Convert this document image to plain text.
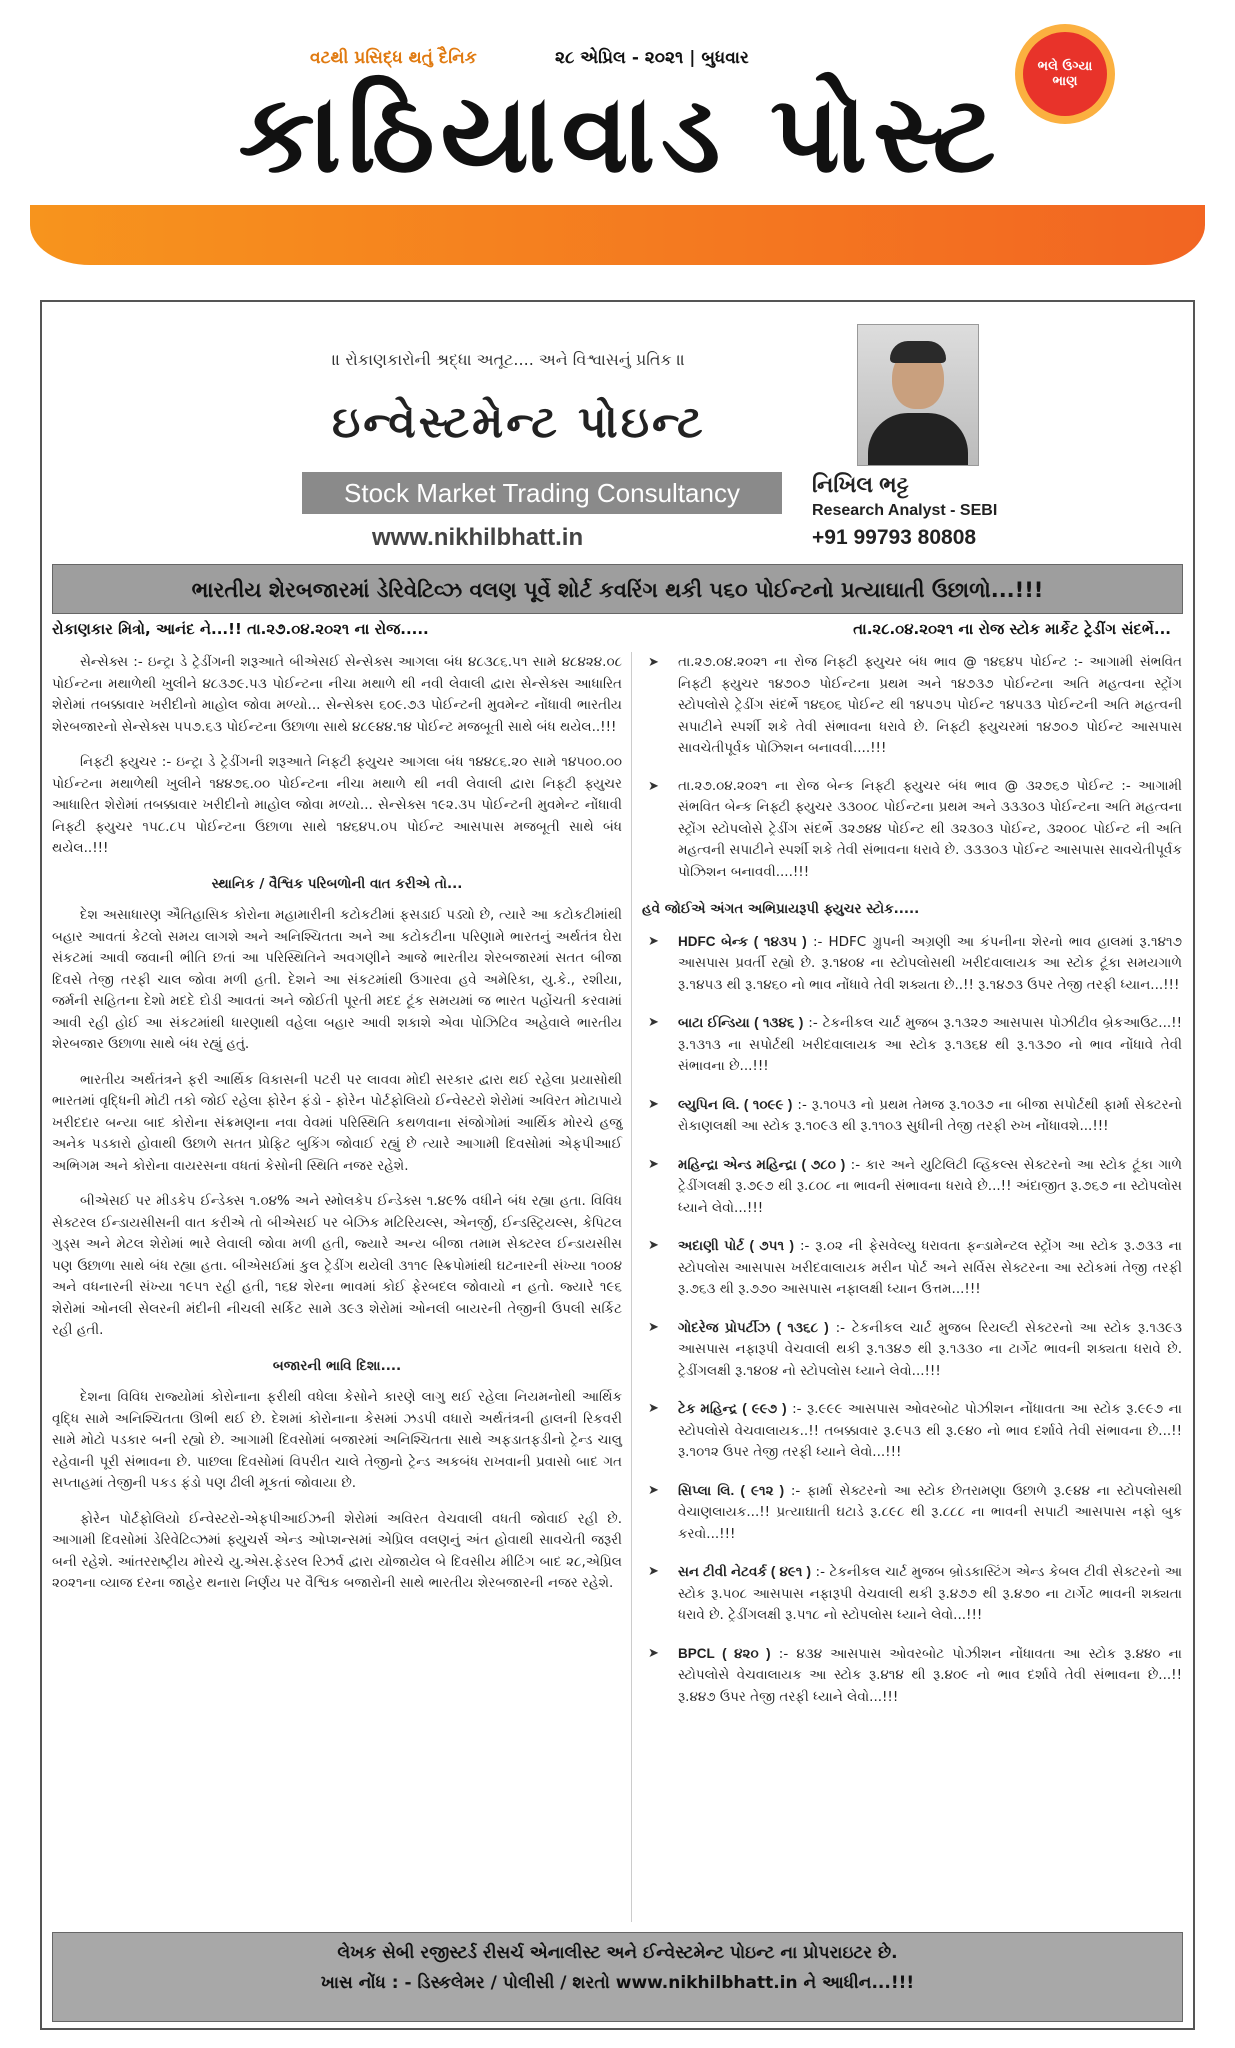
વટથી પ્રસિદ્ધ થતું દૈનિક	૨૮ એપ્રિલ - ૨૦૨૧ | બુધવાર	ભલે ઉગ્યા
ભાણ
કાઠિયાવાડ પોસ્ટ
॥ રોકાણકારોની શ્રદ્ધા અતૂટ.... અને વિશ્વાસનું પ્રતિક ॥
ઇન્વેસ્ટમેન્ટ પોઇન્ટ
Stock Market Trading Consultancy
www.nikhilbhatt.in
નિખિલ ભટ્ટ
Research Analyst - SEBI
+91 99793 80808
ભારતીય શેરબજારમાં ડેરિવેટિવ્ઝ વલણ પૂર્વે શોર્ટ કવરિંગ થકી ૫૬૦ પોઈન્ટનો પ્રત્યાઘાતી ઉછાળો...!!!
રોકાણકાર મિત્રો, આનંદ ને...!! તા.૨૭.૦૪.૨૦૨૧ ના રોજ.....	તા.૨૮.૦૪.૨૦૨૧ ના રોજ સ્ટોક માર્કેટ ટ્રેડીંગ સંદર્ભે...

સેન્સેક્સ :- ઇન્ટ્રા ડે ટ્રેડીંગની શરૂઆતે બીએસઈ સેન્સેક્સ આગલા બંધ ૪૮૩૮૬.૫૧ સામે ૪૮૪૨૪.૦૮ પોઈન્ટના મથાળેથી ખુલીને ૪૮૩૭૯.૫૩ પોઈન્ટના નીચા મથાળે થી નવી લેવાલી દ્વારા સેન્સેક્સ આધારિત શેરોમાં તબક્કાવાર ખરીદીનો માહોલ જોવા મળ્યો... સેન્સેક્સ ૬૦૯.૭૩ પોઈન્ટની મુવમેન્ટ નોંધાવી ભારતીય શેરબજારનો સેન્સેક્સ ૫૫૭.૬૩ પોઈન્ટના ઉછાળા સાથે ૪૮૯૪૪.૧૪ પોઈન્ટ મજબૂતી સાથે બંધ થયેલ..!!!

નિફ્ટી ફ્યુચર :- ઇન્ટ્રા ડે ટ્રેડીંગની શરૂઆતે નિફ્ટી ફ્યુચર આગલા બંધ ૧૪૪૮૬.૨૦ સામે ૧૪૫૦૦.૦૦ પોઈન્ટના મથાળેથી ખુલીને ૧૪૪૭૬.૦૦ પોઈન્ટના નીચા મથાળે થી નવી લેવાલી દ્વારા નિફ્ટી ફ્યુચર આધારિત શેરોમાં તબક્કાવાર ખરીદીનો માહોલ જોવા મળ્યો... સેન્સેક્સ ૧૯૨.૩૫ પોઈન્ટની મુવમેન્ટ નોંધાવી નિફ્ટી ફ્યુચર ૧૫૮.૮૫ પોઈન્ટના ઉછાળા સાથે ૧૪૬૪૫.૦૫ પોઈન્ટ આસપાસ મજબૂતી સાથે બંધ થયેલ..!!!

સ્થાનિક / વૈશ્વિક પરિબળોની વાત કરીએ તો...

દેશ અસાધારણ ઐતિહાસિક કોરોના મહામારીની કટોકટીમાં ફસડાઈ પડ્યો છે, ત્યારે આ કટોકટીમાંથી બહાર આવતાં કેટલો સમય લાગશે અને અનિશ્ચિતતા અને આ કટોકટીના પરિણામે ભારતનું અર્થતંત્ર ઘેરા સંકટમાં આવી જવાની ભીતિ છતાં આ પરિસ્થિતિને અવગણીને આજે ભારતીય શેરબજારમાં સતત બીજા દિવસે તેજી તરફી ચાલ જોવા મળી હતી. દેશને આ સંકટમાંથી ઉગારવા હવે અમેરિકા, યુ.કે., રશીયા, જર્મની સહિતના દેશો મદદે દોડી આવતાં અને જોઈતી પૂરતી મદદ ટૂંક સમયમાં જ ભારત પહોંચતી કરવામાં આવી રહી હોઈ આ સંકટમાંથી ધારણાથી વહેલા બહાર આવી શકાશે એવા પોઝિટિવ અહેવાલે ભારતીય શેરબજાર ઉછાળા સાથે બંધ રહ્યું હતું.

ભારતીય અર્થતંત્રને ફરી આર્થિક વિકાસની પટરી પર લાવવા મોદી સરકાર દ્વારા થઈ રહેલા પ્રયાસોથી ભારતમાં વૃદ્ધિની મોટી તકો જોઈ રહેલા ફોરેન ફંડો - ફોરેન પોર્ટફોલિયો ઈન્વેસ્ટરો શેરોમાં અવિરત મોટાપાયે ખરીદદાર બન્યા બાદ કોરોના સંક્રમણના નવા વેવમાં પરિસ્થિતિ કથળવાના સંજોગોમાં આર્થિક મોરચે હજુ અનેક પડકારો હોવાથી ઉછાળે સતત પ્રોફિટ બુકિંગ જોવાઈ રહ્યું છે ત્યારે આગામી દિવસોમાં એફપીઆઈ અભિગમ અને કોરોના વાયરસના વધતાં કેસોની સ્થિતિ નજર રહેશે.

બીએસઈ પર મીડકેપ ઈન્ડેક્સ ૧.૦૪% અને સ્મોલકેપ ઈન્ડેક્સ ૧.૪૯% વધીને બંધ રહ્યા હતા. વિવિધ સેક્ટરલ ઈન્ડાયસીસની વાત કરીએ તો બીએસઈ પર બેઝિક મટિરિયલ્સ, એનર્જી, ઈન્ડસ્ટ્રિયલ્સ, કેપિટલ ગુડ્સ અને મેટલ શેરોમાં ભારે લેવાલી જોવા મળી હતી, જ્યારે અન્ય બીજા તમામ સેક્ટરલ ઈન્ડાયસીસ પણ ઉછાળા સાથે બંધ રહ્યા હતા. બીએસઈમાં કુલ ટ્રેડીંગ થયેલી ૩૧૧૯ સ્ક્રિપોમાંથી ઘટનારની સંખ્યા ૧૦૦૪ અને વધનારની સંખ્યા ૧૯૫૧ રહી હતી, ૧૬૪ શેરના ભાવમાં કોઈ ફેરબદલ જોવાયો ન હતો. જ્યારે ૧૯૬ શેરોમાં ઓનલી સેલરની મંદીની નીચલી સર્કિટ સામે ૩૯૩ શેરોમાં ઓનલી બાયરની તેજીની ઉપલી સર્કિટ રહી હતી.

બજારની ભાવિ દિશા....

દેશના વિવિધ રાજ્યોમાં કોરોનાના ફરીથી વધેલા કેસોને કારણે લાગુ થઈ રહેલા નિયમનોથી આર્થિક વૃદ્ધિ સામે અનિશ્ચિતતા ઊભી થઈ છે. દેશમાં કોરોનાના કેસમાં ઝડપી વધારો અર્થતંત્રની હાલની રિકવરી સામે મોટો પડકાર બની રહ્યો છે. આગામી દિવસોમાં બજારમાં અનિશ્ચિતતા સાથે અફડાતફડીનો ટ્રેન્ડ ચાલુ રહેવાની પૂરી સંભાવના છે. પાછલા દિવસોમાં વિપરીત ચાલે તેજીનો ટ્રેન્ડ અકબંધ રાખવાની પ્રવાસો બાદ ગત સપ્તાહમાં તેજીની પકડ ફંડો પણ ઢીલી મૂકતાં જોવાયા છે.

ફોરેન પોર્ટફોલિયો ઈન્વેસ્ટરો-એફપીઆઈઝની શેરોમાં અવિરત વેચવાલી વધતી જોવાઈ રહી છે. આગામી દિવસોમાં ડેરિવેટિવ્ઝમાં ફ્યુચર્સ એન્ડ ઓપ્શન્સમાં એપ્રિલ વલણનું અંત હોવાથી સાવચેતી જરૂરી બની રહેશે. આંતરરાષ્ટ્રીય મોરચે યુ.એસ.ફેડરલ રિઝર્વ દ્વારા યોજાયેલ બે દિવસીય મીટિંગ બાદ ૨૮,એપ્રિલ ૨૦૨૧ના વ્યાજ દરના જાહેર થનારા નિર્ણય પર વૈશ્વિક બજારોની સાથે ભારતીય શેરબજારની નજર રહેશે.

➤ તા.૨૭.૦૪.૨૦૨૧ ના રોજ નિફ્ટી ફ્યુચર બંધ ભાવ @ ૧૪૬૪૫ પોઈન્ટ :- આગામી સંભવિત નિફ્ટી ફ્યુચર ૧૪૭૦૭ પોઈન્ટના પ્રથમ અને ૧૪૭૩૭ પોઈન્ટના અતિ મહત્વના સ્ટ્રોંગ સ્ટોપલોસે ટ્રેડીંગ સંદર્ભે ૧૪૬૦૬ પોઈન્ટ થી ૧૪૫૭૫ પોઈન્ટ ૧૪૫૩૩ પોઈન્ટની અતિ મહત્વની સપાટીને સ્પર્શી શકે તેવી સંભાવના ધરાવે છે. નિફ્ટી ફ્યુચરમાં ૧૪૭૦૭ પોઈન્ટ આસપાસ સાવચેતીપૂર્વક પોઝિશન બનાવવી....!!!
➤ તા.૨૭.૦૪.૨૦૨૧ ના રોજ બેન્ક નિફ્ટી ફ્યુચર બંધ ભાવ @ ૩૨૭૬૭ પોઈન્ટ :- આગામી સંભવિત બેન્ક નિફ્ટી ફ્યુચર ૩૩૦૦૮ પોઈન્ટના પ્રથમ અને ૩૩૩૦૩ પોઈન્ટના અતિ મહત્વના સ્ટ્રોંગ સ્ટોપલોસે ટ્રેડીંગ સંદર્ભે ૩૨૭૪૪ પોઈન્ટ થી ૩૨૩૦૩ પોઈન્ટ, ૩૨૦૦૮ પોઈન્ટ ની અતિ મહત્વની સપાટીને સ્પર્શી શકે તેવી સંભાવના ધરાવે છે. ૩૩૩૦૩ પોઈન્ટ આસપાસ સાવચેતીપૂર્વક પોઝિશન બનાવવી....!!!
હવે જોઈએ અંગત અભિપ્રાયરૂપી ફ્યુચર સ્ટોક.....
➤ HDFC બેન્ક ( ૧૪૩૫ ) :- HDFC ગ્રુપની અગ્રણી આ કંપનીના શેરનો ભાવ હાલમાં રૂ.૧૪૧૭ આસપાસ પ્રવર્તી રહ્યો છે. રૂ.૧૪૦૪ ના સ્ટોપલોસથી ખરીદવાલાયક આ સ્ટોક ટૂંકા સમયગાળે રૂ.૧૪૫૩ થી રૂ.૧૪૬૦ નો ભાવ નોંધાવે તેવી શક્યતા છે..!! રૂ.૧૪૭૩ ઉપર તેજી તરફી ધ્યાન...!!!
➤ બાટા ઈન્ડિયા ( ૧૩૪૬ ) :- ટેકનીકલ ચાર્ટ મુજબ રૂ.૧૩૨૭ આસપાસ પોઝીટીવ બ્રેકઆઉટ...!! રૂ.૧૩૧૩ ના સપોર્ટથી ખરીદવાલાયક આ સ્ટોક રૂ.૧૩૬૪ થી રૂ.૧૩૭૦ નો ભાવ નોંધાવે તેવી સંભાવના છે...!!!
➤ લ્યુપિન લિ. ( ૧૦૯૯ ) :- રૂ.૧૦૫૩ નો પ્રથમ તેમજ રૂ.૧૦૩૭ ના બીજા સપોર્ટથી ફાર્મા સેક્ટરનો રોકાણલક્ષી આ સ્ટોક રૂ.૧૦૯૩ થી રૂ.૧૧૦૩ સુધીની તેજી તરફી રુખ નોંધાવશે...!!!
➤ મહિન્દ્રા એન્ડ મહિન્દ્રા ( ૭૮૦ ) :- કાર અને યુટિલિટી વ્હિકલ્સ સેક્ટરનો આ સ્ટોક ટૂંકા ગાળે ટ્રેડીંગલક્ષી રૂ.૭૯૭ થી રૂ.૮૦૮ ના ભાવની સંભાવના ધરાવે છે...!! અંદાજીત રૂ.૭૬૭ ના સ્ટોપલોસ ધ્યાને લેવો...!!!
➤ અદાણી પોર્ટ ( ૭૫૧ ) :- રૂ.૦૨ ની ફેસવેલ્યુ ધરાવતા ફન્ડામેન્ટલ સ્ટ્રોંગ આ સ્ટોક રૂ.૭૩૩ ના સ્ટોપલોસ આસપાસ ખરીદવાલાયક મરીન પોર્ટ અને સર્વિસ સેક્ટરના આ સ્ટોકમાં તેજી તરફી રૂ.૭૬૩ થી રૂ.૭૭૦ આસપાસ નફાલક્ષી ધ્યાન ઉત્તમ...!!!
➤ ગોદરેજ પ્રોપર્ટીઝ ( ૧૩૬૮ ) :- ટેકનીકલ ચાર્ટ મુજબ રિયલ્ટી સેક્ટરનો આ સ્ટોક રૂ.૧૩૯૩ આસપાસ નફારૂપી વેચવાલી થકી રૂ.૧૩૪૭ થી રૂ.૧૩૩૦ ના ટાર્ગેટ ભાવની શક્યતા ધરાવે છે. ટ્રેડીંગલક્ષી રૂ.૧૪૦૪ નો સ્ટોપલોસ ધ્યાને લેવો...!!!
➤ ટેક મહિન્દ્ર ( ૯૯૭ ) :- રૂ.૯૯૯ આસપાસ ઓવરબોટ પોઝીશન નોંધાવતા આ સ્ટોક રૂ.૯૯૭ ના સ્ટોપલોસે વેચવાલાયક..!! તબક્કાવાર રૂ.૯૫૩ થી રૂ.૯૪૦ નો ભાવ દર્શાવે તેવી સંભાવના છે...!! રૂ.૧૦૧૨ ઉપર તેજી તરફી ધ્યાને લેવો...!!!
➤ સિપ્લા લિ. ( ૯૧૨ ) :- ફાર્મા સેક્ટરનો આ સ્ટોક છેતરામણા ઉછાળે રૂ.૯૪૪ ના સ્ટોપલોસથી વેચાણલાયક...!! પ્રત્યાઘાતી ઘટાડે રૂ.૮૯૮ થી રૂ.૮૮૮ ના ભાવની સપાટી આસપાસ નફો બુક કરવો...!!!
➤ સન ટીવી નેટવર્ક ( ૪૯૧ ) :- ટેકનીકલ ચાર્ટ મુજબ બ્રોડકાસ્ટિંગ એન્ડ કેબલ ટીવી સેક્ટરનો આ સ્ટોક રૂ.૫૦૮ આસપાસ નફારૂપી વેચવાલી થકી રૂ.૪૭૭ થી રૂ.૪૭૦ ના ટાર્ગેટ ભાવની શક્યતા ધરાવે છે. ટ્રેડીંગલક્ષી રૂ.૫૧૮ નો સ્ટોપલોસ ધ્યાને લેવો...!!!
➤ BPCL ( ૪૨૦ ) :- ૪૩૪ આસપાસ ઓવરબોટ પોઝીશન નોંધાવતા આ સ્ટોક રૂ.૪૪૦ ના સ્ટોપલોસે વેચવાલાયક આ સ્ટોક રૂ.૪૧૪ થી રૂ.૪૦૯ નો ભાવ દર્શાવે તેવી સંભાવના છે...!! રૂ.૪૪૭ ઉપર તેજી તરફી ધ્યાને લેવો...!!!
લેખક સેબી રજીસ્ટર્ડ રીસર્ચ એનાલીસ્ટ અને ઈન્વેસ્ટમેન્ટ પોઇન્ટ ના પ્રોપરાઇટર છે.
ખાસ નોંધ : - ડિસ્કલેમર / પોલીસી / શરતો www.nikhilbhatt.in ને આધીન...!!!
